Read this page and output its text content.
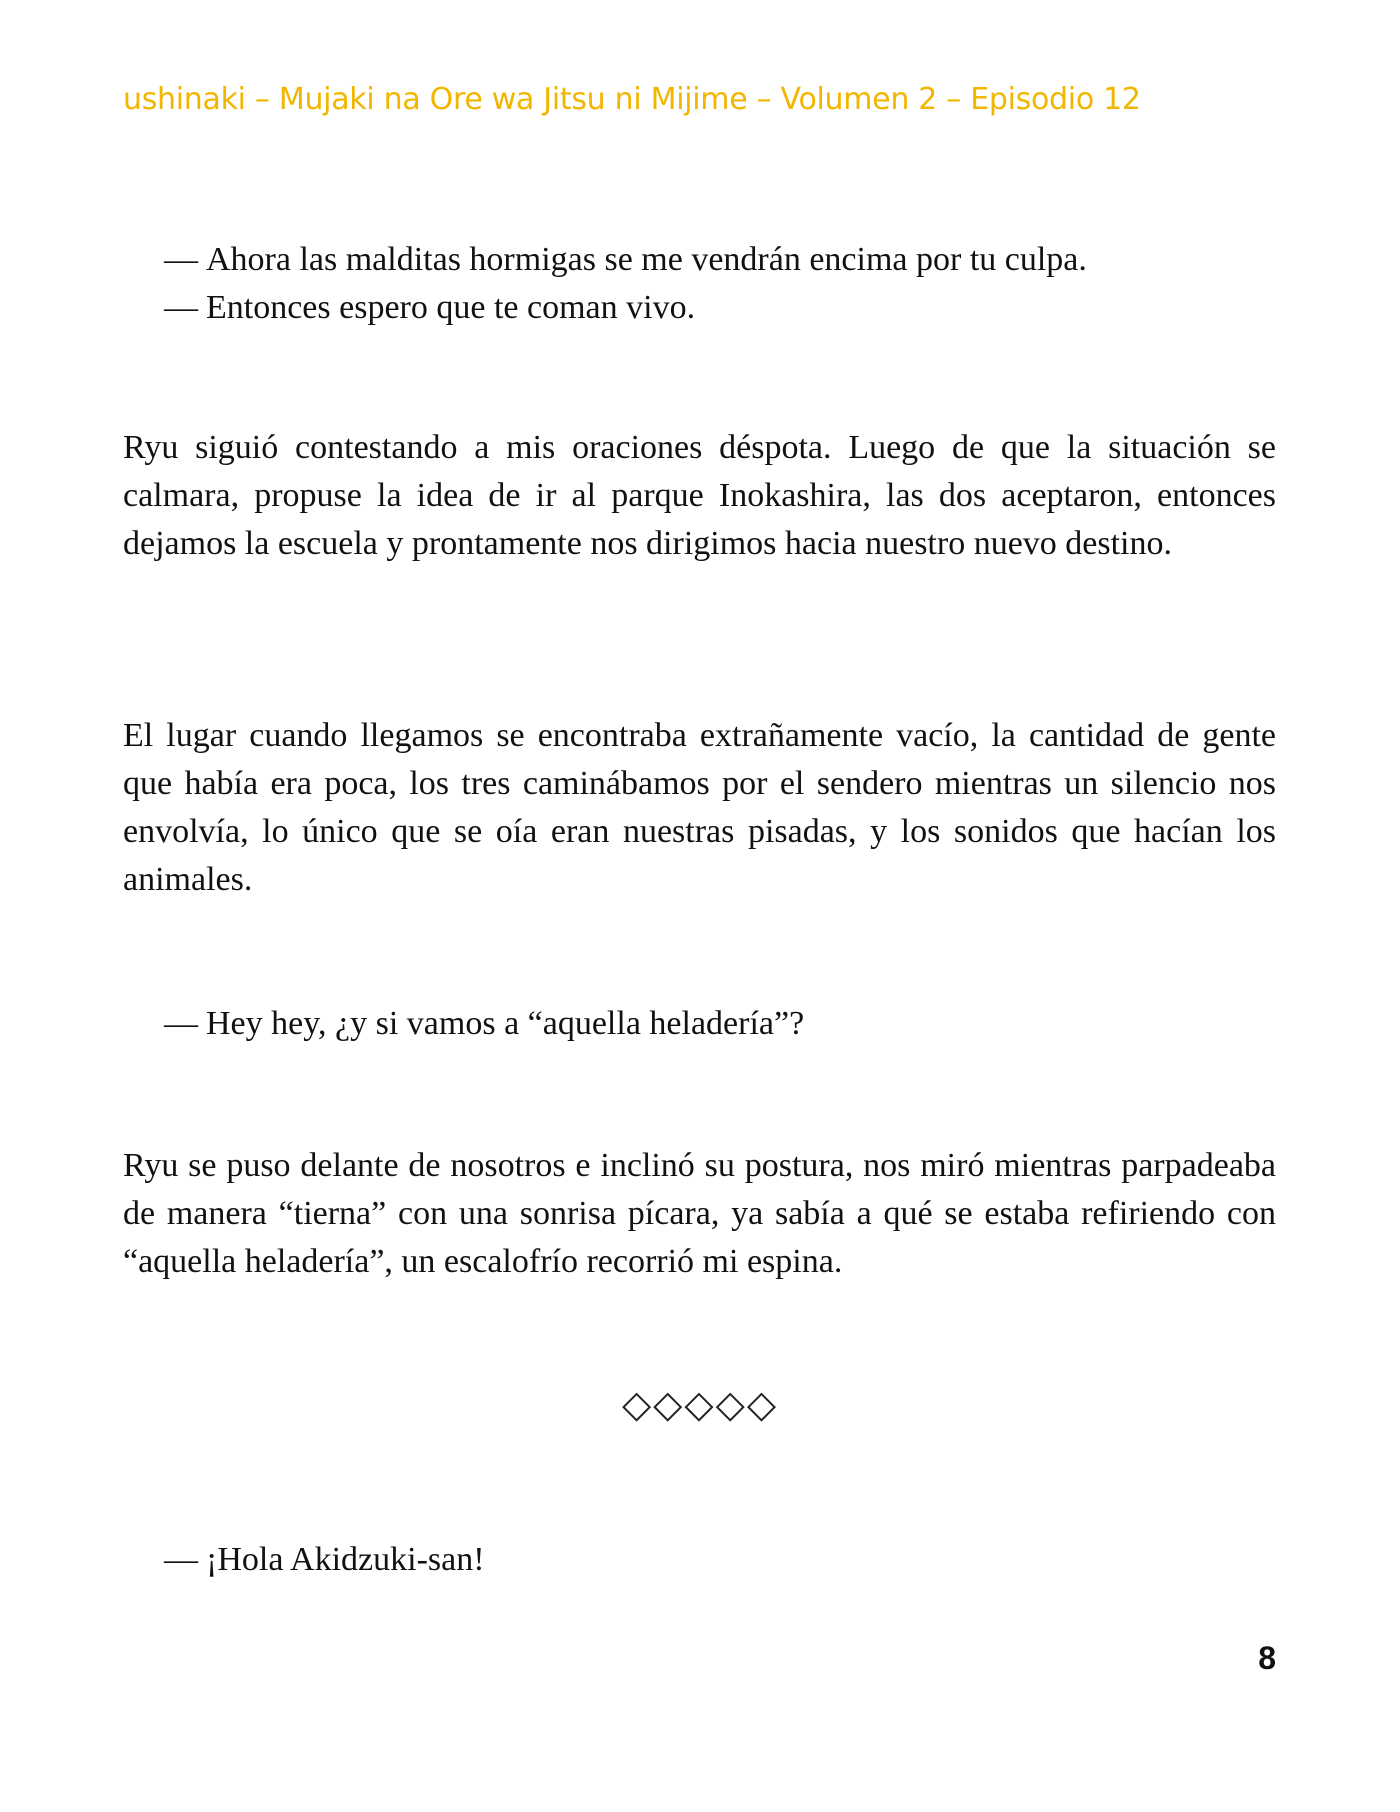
ushinaki – Mujaki na Ore wa Jitsu ni Mijime – Volumen 2 – Episodio 12
— Ahora las malditas hormigas se me vendrán encima por tu culpa.
— Entonces espero que te coman vivo.

Ryu siguió contestando a mis oraciones déspota. Luego de que la situación se calmara, propuse la idea de ir al parque Inokashira, las dos aceptaron, entonces dejamos la escuela y prontamente nos dirigimos hacia nuestro nuevo destino.

El lugar cuando llegamos se encontraba extrañamente vacío, la cantidad de gente que había era poca, los tres caminábamos por el sendero mientras un silencio nos envolvía, lo único que se oía eran nuestras pisadas, y los sonidos que hacían los animales.

— Hey hey, ¿y si vamos a “aquella heladería”?

Ryu se puso delante de nosotros e inclinó su postura, nos miró mientras parpadeaba de manera “tierna” con una sonrisa pícara, ya sabía a qué se estaba refiriendo con “aquella heladería”, un escalofrío recorrió mi espina.

◇◇◇◇◇
— ¡Hola Akidzuki-san!
8
